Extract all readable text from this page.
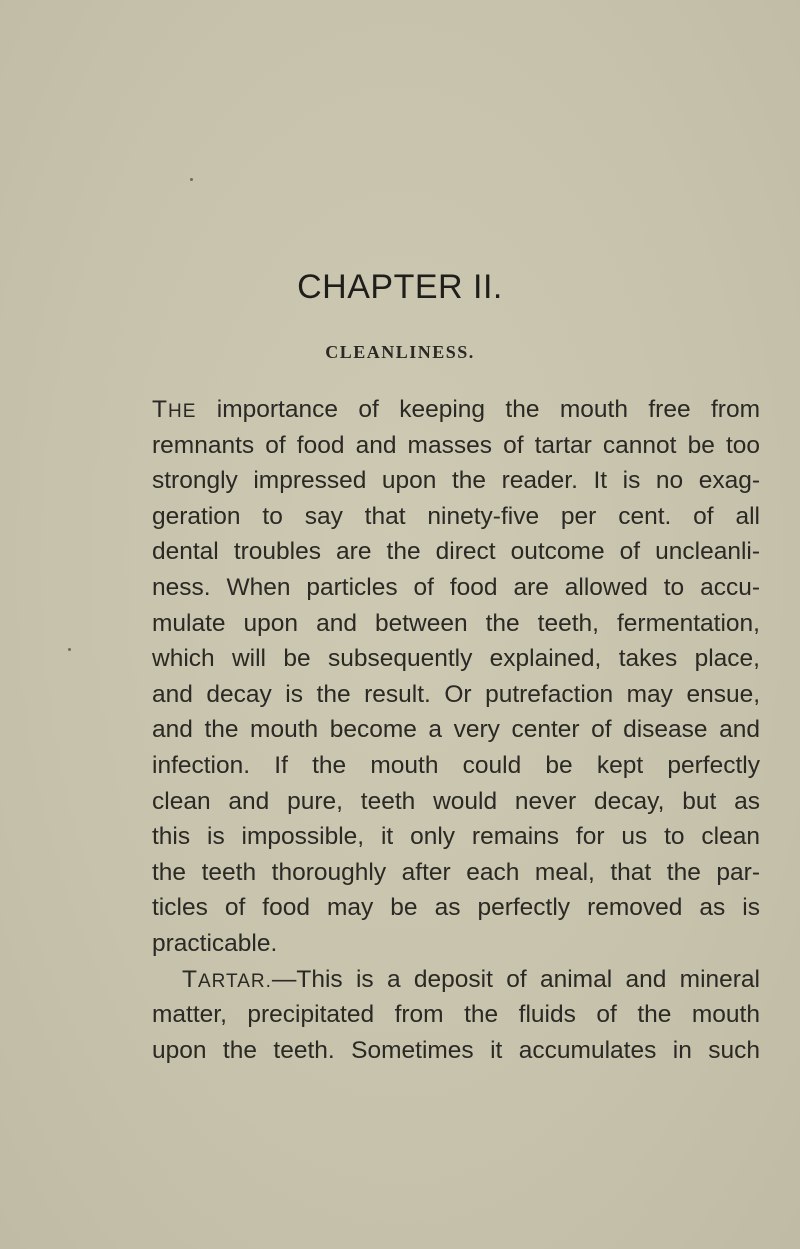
CHAPTER II.
CLEANLINESS.
THE importance of keeping the mouth free from
remnants of food and masses of tartar cannot be too
strongly impressed upon the reader. It is no exag-
geration to say that ninety-five per cent. of all
dental troubles are the direct outcome of uncleanli-
ness. When particles of food are allowed to accu-
mulate upon and between the teeth, fermentation,
which will be subsequently explained, takes place,
and decay is the result. Or putrefaction may ensue,
and the mouth become a very center of disease and
infection. If the mouth could be kept perfectly
clean and pure, teeth would never decay, but as
this is impossible, it only remains for us to clean
the teeth thoroughly after each meal, that the par-
ticles of food may be as perfectly removed as is
practicable.
TARTAR.—This is a deposit of animal and mineral
matter, precipitated from the fluids of the mouth
upon the teeth. Sometimes it accumulates in such
